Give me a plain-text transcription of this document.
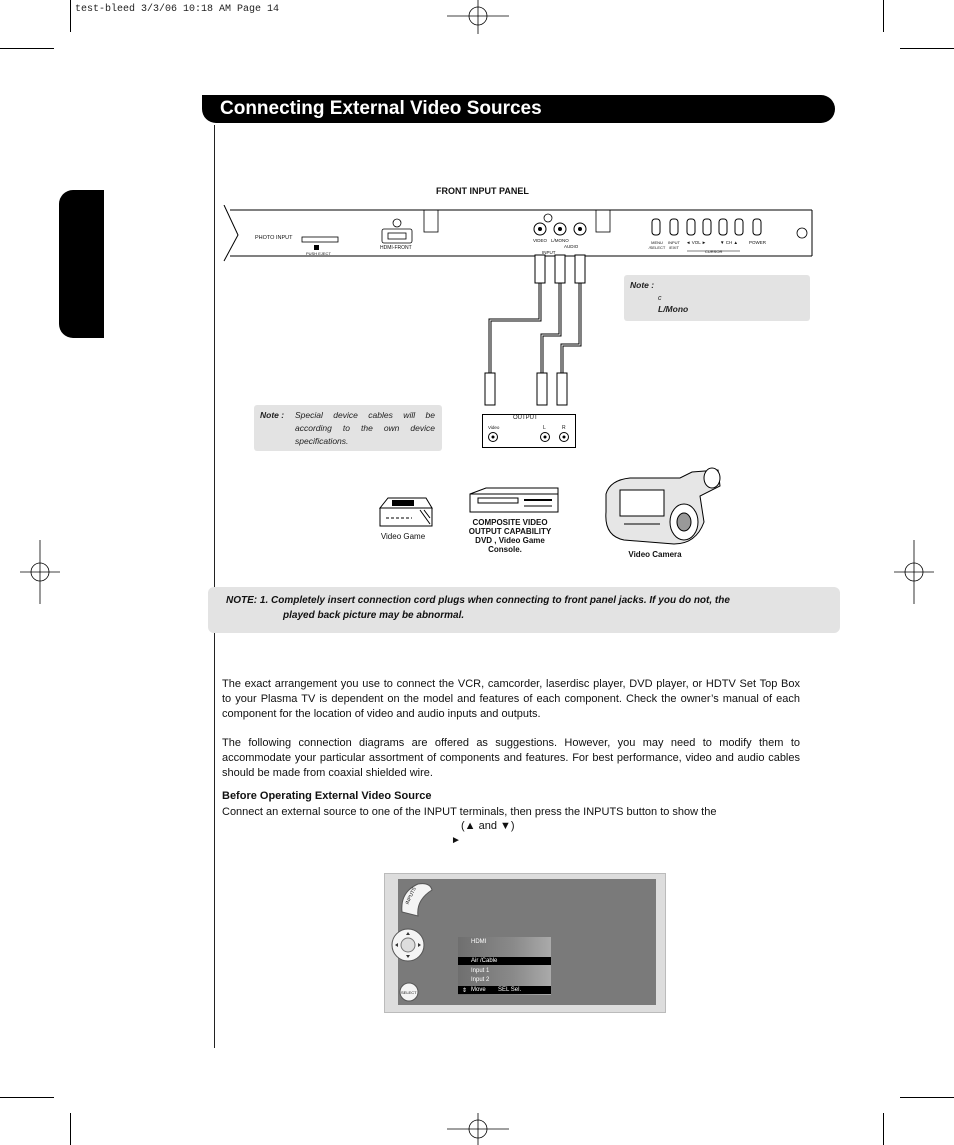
test-bleed 3/3/06 10:18 AM Page 14
Connecting External Video Sources
FRONT INPUT PANEL
PHOTO INPUT
PUSH EJECT
HDMI-FRONT
VIDEO L/MONO
INPUT
AUDIO
MENU /SELECT
INPUT /EXIT
◄ VOL ►	▼ CH ▲ POWER
CURSOR
Note :
c
L/Mono
Note : Special device cables will be according to the own device specifications.
OUTPUT
Video	L	R
Video Game
COMPOSITE VIDEO
OUTPUT CAPABILITY
DVD , Video Game
Console.
Video Camera
NOTE: 1. Completely insert connection cord plugs when connecting to front panel jacks. If you do not, the
played back picture may be abnormal.
The exact arrangement you use to connect the VCR, camcorder, laserdisc player, DVD player, or HDTV Set Top Box to your Plasma TV is dependent on the model and features of each component. Check the owner’s manual of each component for the location of video and audio inputs and outputs.
The following connection diagrams are offered as suggestions. However, you may need to modify them to accommodate your particular assortment of components and features. For best performance, video and audio cables should be made from coaxial shielded wire.
Before Operating External Video Source
Connect an external source to one of the INPUT terminals, then press the INPUTS button to show the
(▲ and ▼)
►
INPUTS
SELECT
HDMI
Air /Cable
Input 1
Input 2
⇕ Move SEL Sel.
